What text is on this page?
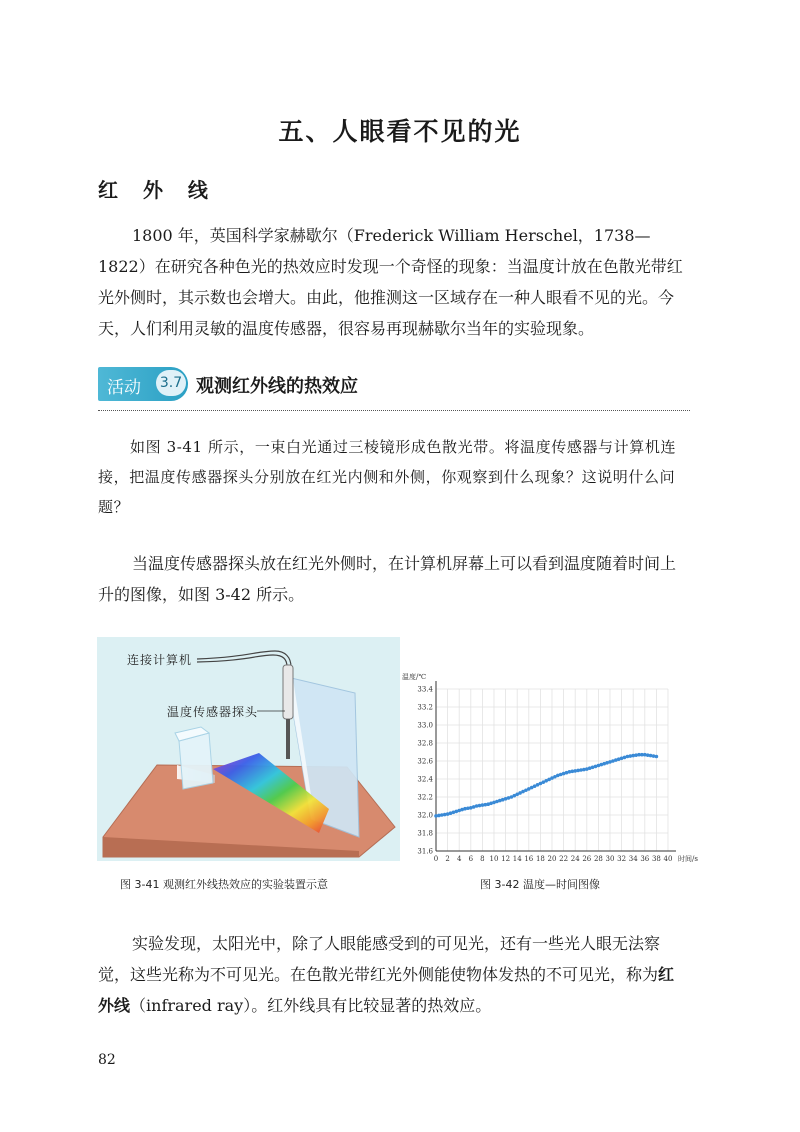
五、人眼看不见的光
红 外 线
1800 年，英国科学家赫歇尔（Frederick William Herschel，1738—1822）在研究各种色光的热效应时发现一个奇怪的现象：当温度计放在色散光带红光外侧时，其示数也会增大。由此，他推测这一区域存在一种人眼看不见的光。今天，人们利用灵敏的温度传感器，很容易再现赫歇尔当年的实验现象。
活动 3.7 观测红外线的热效应
如图 3-41 所示，一束白光通过三棱镜形成色散光带。将温度传感器与计算机连接，把温度传感器探头分别放在红光内侧和外侧，你观察到什么现象？这说明什么问题？
当温度传感器探头放在红光外侧时，在计算机屏幕上可以看到温度随着时间上升的图像，如图 3-42 所示。
连接计算机
温度传感器探头
图 3-41 观测红外线热效应的实验装置示意
0 2 4 6 8 10 12 14 16 18 20 22 24 26 28 30 32 34 36 38 40
31.6
31.8
32.0
32.2
32.4
32.6
32.8
33.0
33.2
33.4
时间/s
温度/℃
图 3-42 温度—时间图像
实验发现，太阳光中，除了人眼能感受到的可见光，还有一些光人眼无法察觉，这些光称为不可见光。在色散光带红光外侧能使物体发热的不可见光，称为红外线（infrared ray）。红外线具有比较显著的热效应。
82
